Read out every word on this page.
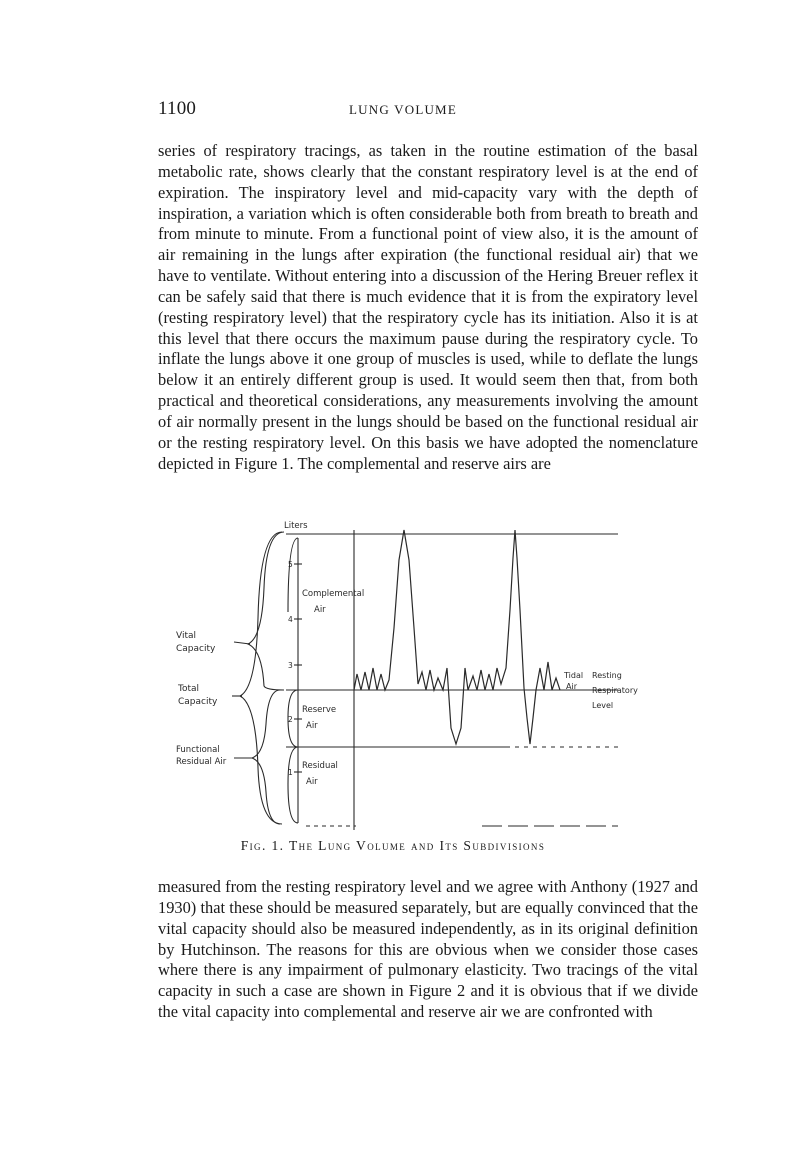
1100	LUNG VOLUME

series of respiratory tracings, as taken in the routine estimation of the basal metabolic rate, shows clearly that the constant respiratory level is at the end of expiration. The inspiratory level and mid-capacity vary with the depth of inspiration, a variation which is often considerable both from breath to breath and from minute to minute. From a functional point of view also, it is the amount of air remaining in the lungs after expiration (the functional residual air) that we have to ventilate. Without entering into a discussion of the Hering Breuer reflex it can be safely said that there is much evidence that it is from the expiratory level (resting respiratory level) that the respiratory cycle has its initiation. Also it is at this level that there occurs the maximum pause during the respiratory cycle. To inflate the lungs above it one group of muscles is used, while to deflate the lungs below it an entirely different group is used. It would seem then that, from both practical and theoretical considerations, any measurements involving the amount of air normally present in the lungs should be based on the functional residual air or the resting respiratory level. On this basis we have adopted the nomenclature depicted in Figure 1. The complemental and reserve airs are

Liters
5
4
3
2
1
Vital
Capacity
Total
Capacity
Functional
Residual Air
Complemental
Air
Reserve
Air
Residual
Air
Tidal
Air
Resting
Respiratory
Level
Fig. 1. The Lung Volume and Its Subdivisions

measured from the resting respiratory level and we agree with Anthony (1927 and 1930) that these should be measured separately, but are equally convinced that the vital capacity should also be measured independently, as in its original definition by Hutchinson. The reasons for this are obvious when we consider those cases where there is any impairment of pulmonary elasticity. Two tracings of the vital capacity in such a case are shown in Figure 2 and it is obvious that if we divide the vital capacity into complemental and reserve air we are confronted with
